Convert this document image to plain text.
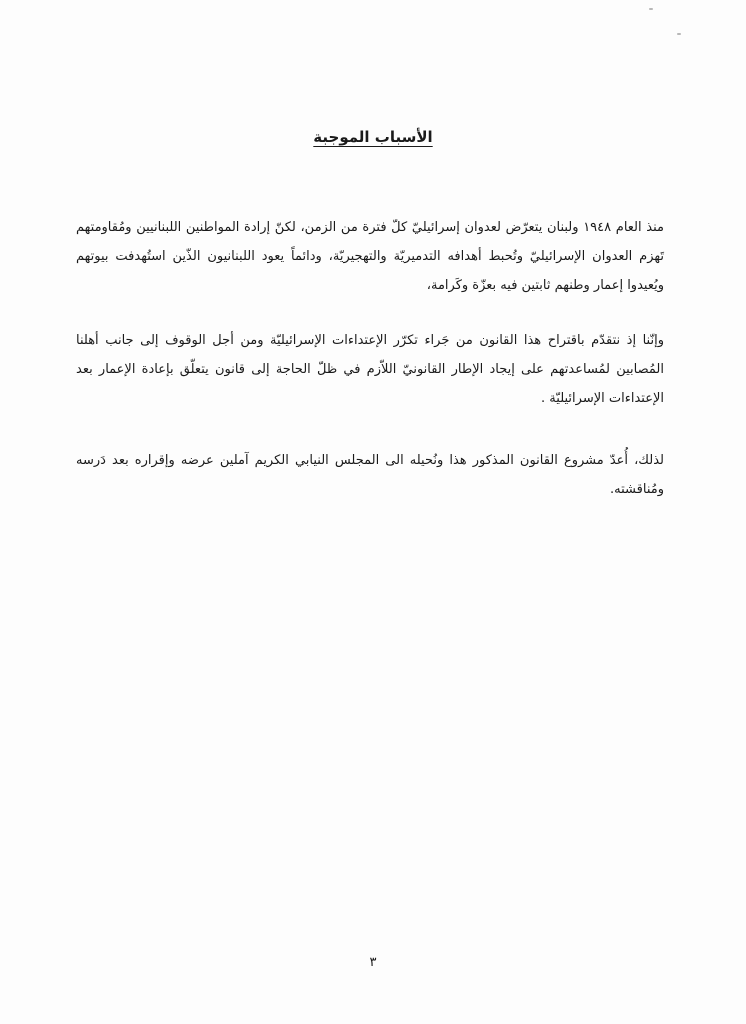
الأسباب الموجبة

منذ العام ١٩٤٨ ولبنان يتعرّض لعدوان إسرائيليّ كلّ فترة من الزمن، لكنّ إرادة المواطنين اللبنانيين ومُقاومتهم تَهزم العدوان الإسرائيليّ وتُحبط أهدافه التدميريّة والتهجيريّة، ودائماً يعود اللبنانيون الذّين استُهدفت بيوتهم ويُعيدوا إعمار وطنهم ثابتين فيه بعزّة وكَرامة،

وإنّنا إذ نتقدّم باقتراح هذا القانون من جَراء تكرّر الإعتداءات الإسرائيليّة ومن أجل الوقوف إلى جانب أهلنا المُصابين لمُساعدتهم على إيجاد الإطار القانونيّ اللاّزم في ظلّ الحاجة إلى قانون يتعلّق بإعادة الإعمار بعد الإعتداءات الإسرائيليّة .

لذلك، أُعدّ مشروع القانون المذكور هذا ونُحيله الى المجلس النيابي الكريم آملين عرضه وإقراره بعد دَرسه ومُناقشته.

٣
